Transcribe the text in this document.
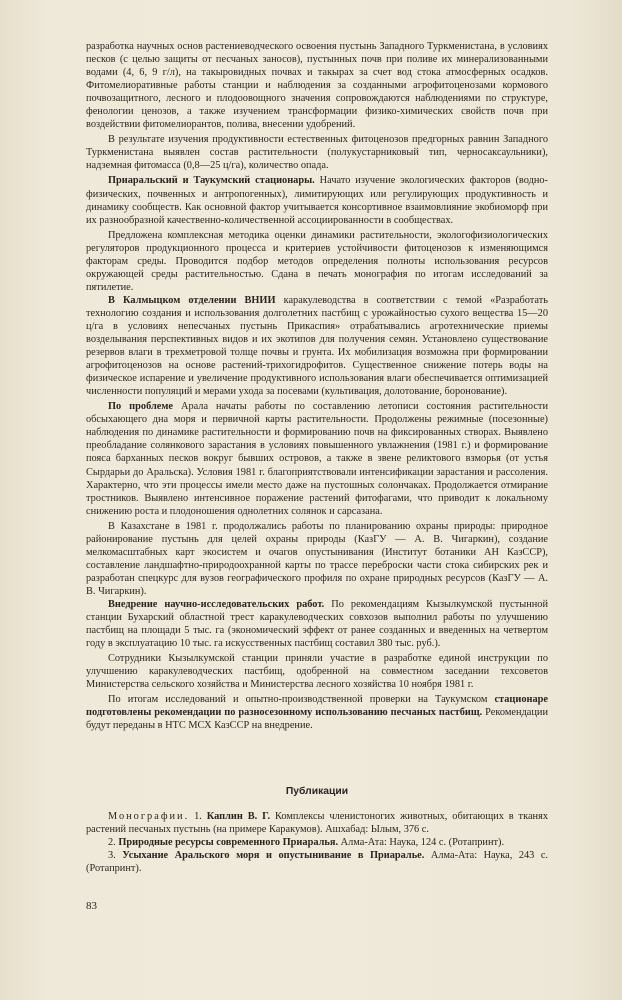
разработка научных основ растениеводческого освоения пустынь Западного Туркменистана, в условиях песков (с целью защиты от песчаных заносов), пустынных почв при поливе их минерализованными водами (4, 6, 9 г/л), на такыровидных почвах и такырах за счет вод стока атмосферных осадков. Фитомелиоративные работы станции и наблюдения за созданными агрофитоценозами кормового почвозащитного, лесного и плодоовощного значения сопровождаются наблюдениями по структуре, фенологии ценозов, а также изучением трансформации физико-химических свойств почв при воздействии фитомелиорантов, полива, внесении удобрений.

В результате изучения продуктивности естественных фитоценозов предгорных равнин Западного Туркменистана выявлен состав растительности (полукустарниковый тип, черносаксаульники), надземная фитомасса (0,8—25 ц/га), количество опада.

Приаральский и Таукумский стационары. Начато изучение экологических факторов (водно-физических, почвенных и антропогенных), лимитирующих или регулирующих продуктивность и динамику сообществ. Как основной фактор учитывается консортивное взаимовлияние экобиоморф при их разнообразной качественно-количественной ассоциированности в сообществах.

Предложена комплексная методика оценки динамики растительности, экологофизиологических регуляторов продукционного процесса и критериев устойчивости фитоценозов к изменяющимся факторам среды. Проводится подбор методов определения полноты использования ресурсов окружающей среды растительностью. Сдана в печать монография по итогам исследований за пятилетие.

В Калмыцком отделении ВНИИ каракулеводства в соответствии с темой «Разработать технологию создания и использования долголетних пастбищ с урожайностью сухого вещества 15—20 ц/га в условиях непесчаных пустынь Прикаспия» отрабатывались агротехнические приемы возделывания перспективных видов и их экотипов для получения семян. Установлено существование резервов влаги в трехметровой толще почвы и грунта. Их мобилизация возможна при формировании агрофитоценозов на основе растений-трихогидрофитов. Существенное снижение потерь воды на физическое испарение и увеличение продуктивного использования влаги обеспечивается оптимизацией численности популяций и мерами ухода за посевами (культивация, долотование, боронование).

По проблеме Арала начаты работы по составлению летописи состояния растительности обсыхающего дна моря и первичной карты растительности. Продолжены режимные (посезонные) наблюдения по динамике растительности и формированию почв на фиксированных створах. Выявлено преобладание солянкового зарастания в условиях повышенного увлажнения (1981 г.) и формирование пояса барханных песков вокруг бывших островов, а также в звене реликтового взморья (от устья Сырдарьи до Аральска). Условия 1981 г. благоприятствовали интенсификации зарастания и рассоления. Характерно, что эти процессы имели место даже на пустошных солончаках. Продолжается отмирание тростников. Выявлено интенсивное поражение растений фитофагами, что приводит к локальному снижению роста и плодоношения однолетних солянок и сарсазана.

В Казахстане в 1981 г. продолжались работы по планированию охраны природы: природное районирование пустынь для целей охраны природы (КазГУ — А. В. Чигаркин), создание мелкомасштабных карт экосистем и очагов опустынивания (Институт ботаники АН КазССР), составление ландшафтно-природоохранной карты по трассе переброски части стока сибирских рек и разработан спецкурс для вузов географического профиля по охране природных ресурсов (КазГУ — А. В. Чигаркин).

Внедрение научно-исследовательских работ. По рекомендациям Кызылкумской пустынной станции Бухарский областной трест каракулеводческих совхозов выполнил работы по улучшению пастбищ на площади 5 тыс. га (экономический эффект от ранее созданных и введенных на четвертом году в эксплуатацию 10 тыс. га искусственных пастбищ составил 380 тыс. руб.).

Сотрудники Кызылкумской станции приняли участие в разработке единой инструкции по улучшению каракулеводческих пастбищ, одобренной на совместном заседании техсоветов Министерства сельского хозяйства и Министерства лесного хозяйства 10 ноября 1981 г.

По итогам исследований и опытно-производственной проверки на Таукумском стационаре подготовлены рекомендации по разносезонному использованию песчаных пастбищ. Рекомендации будут переданы в НТС МСХ КазССР на внедрение.

Публикации

Монографии. 1. Каплин В. Г. Комплексы членистоногих животных, обитающих в тканях растений песчаных пустынь (на примере Каракумов). Ашхабад: Ылым, 376 с.

2. Природные ресурсы современного Приаралья. Алма-Ата: Наука, 124 с. (Ротапринт).

3. Усыхание Аральского моря и опустынивание в Приаралье. Алма-Ата: Наука, 243 с. (Ротапринт).

83
